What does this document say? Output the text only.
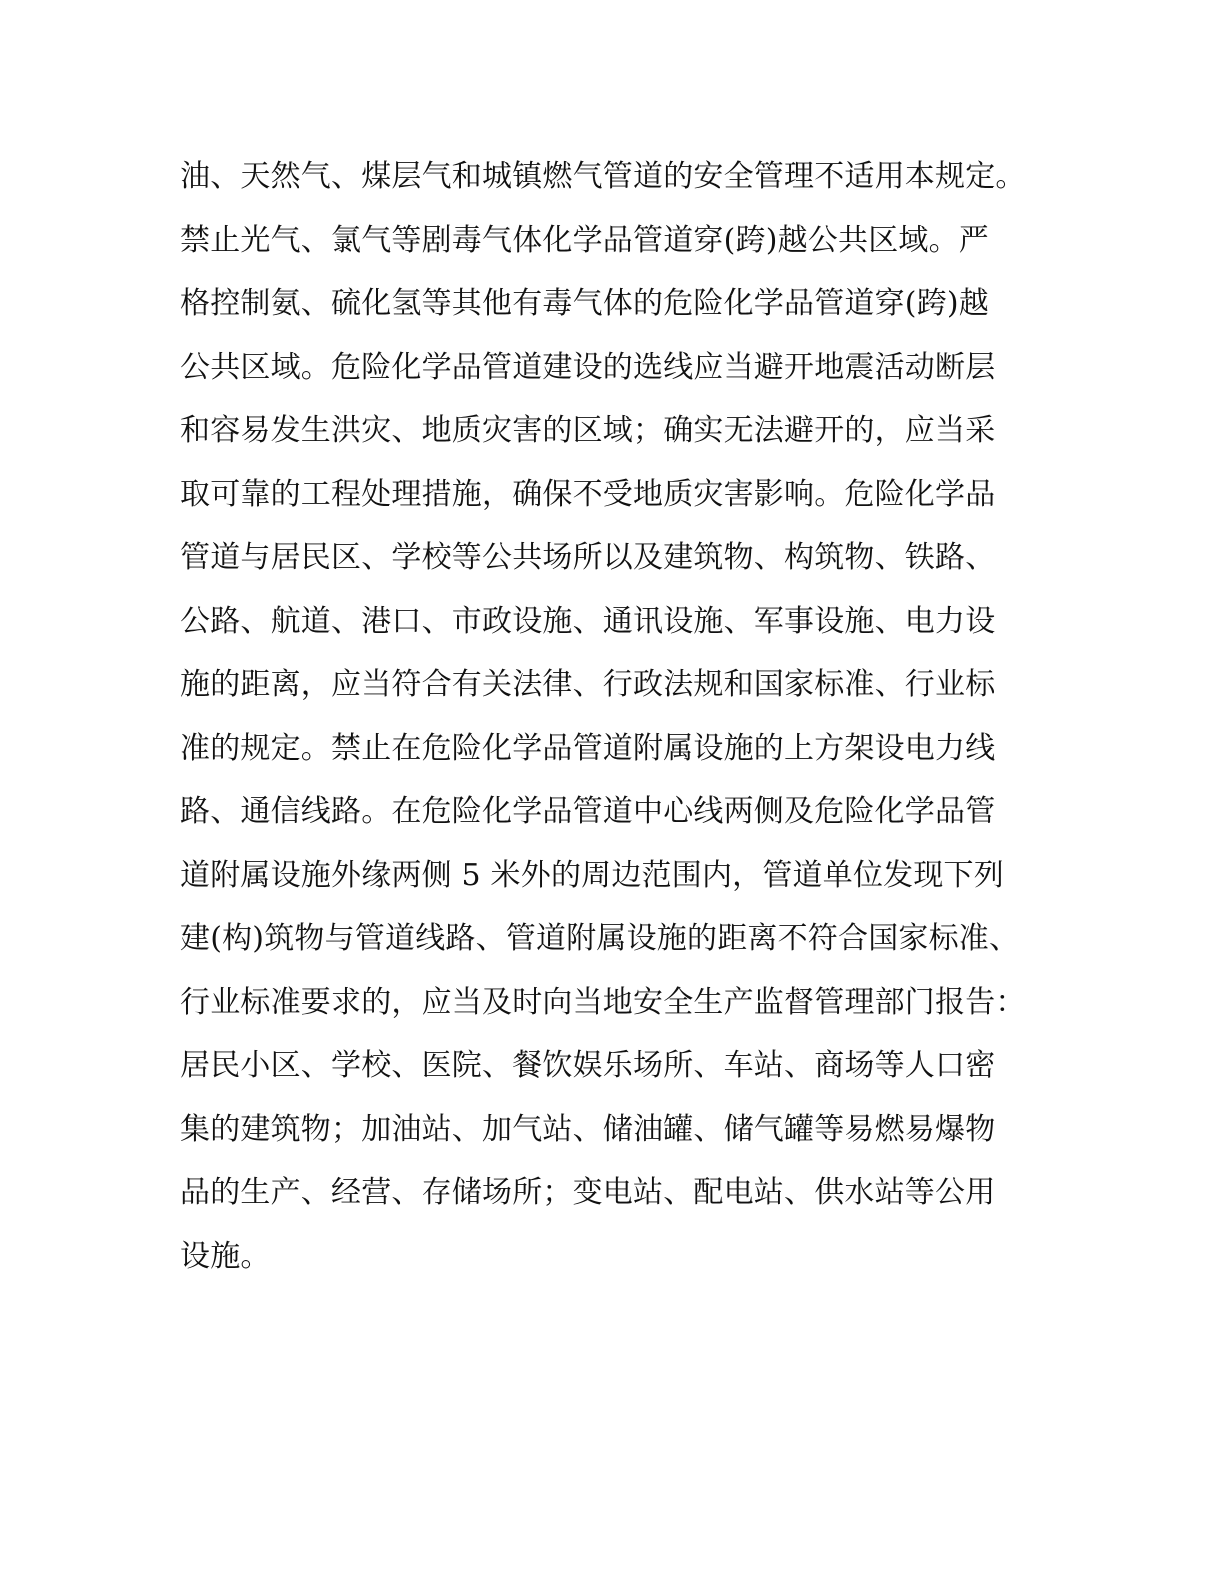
油、天然气、煤层气和城镇燃气管道的安全管理不适用本规定。
禁止光气、氯气等剧毒气体化学品管道穿(跨)越公共区域。严
格控制氨、硫化氢等其他有毒气体的危险化学品管道穿(跨)越
公共区域。危险化学品管道建设的选线应当避开地震活动断层
和容易发生洪灾、地质灾害的区域；确实无法避开的，应当采
取可靠的工程处理措施，确保不受地质灾害影响。危险化学品
管道与居民区、学校等公共场所以及建筑物、构筑物、铁路、
公路、航道、港口、市政设施、通讯设施、军事设施、电力设
施的距离，应当符合有关法律、行政法规和国家标准、行业标
准的规定。禁止在危险化学品管道附属设施的上方架设电力线
路、通信线路。在危险化学品管道中心线两侧及危险化学品管
道附属设施外缘两侧 5 米外的周边范围内，管道单位发现下列
建(构)筑物与管道线路、管道附属设施的距离不符合国家标准、
行业标准要求的，应当及时向当地安全生产监督管理部门报告：
居民小区、学校、医院、餐饮娱乐场所、车站、商场等人口密
集的建筑物；加油站、加气站、储油罐、储气罐等易燃易爆物
品的生产、经营、存储场所；变电站、配电站、供水站等公用
设施。
